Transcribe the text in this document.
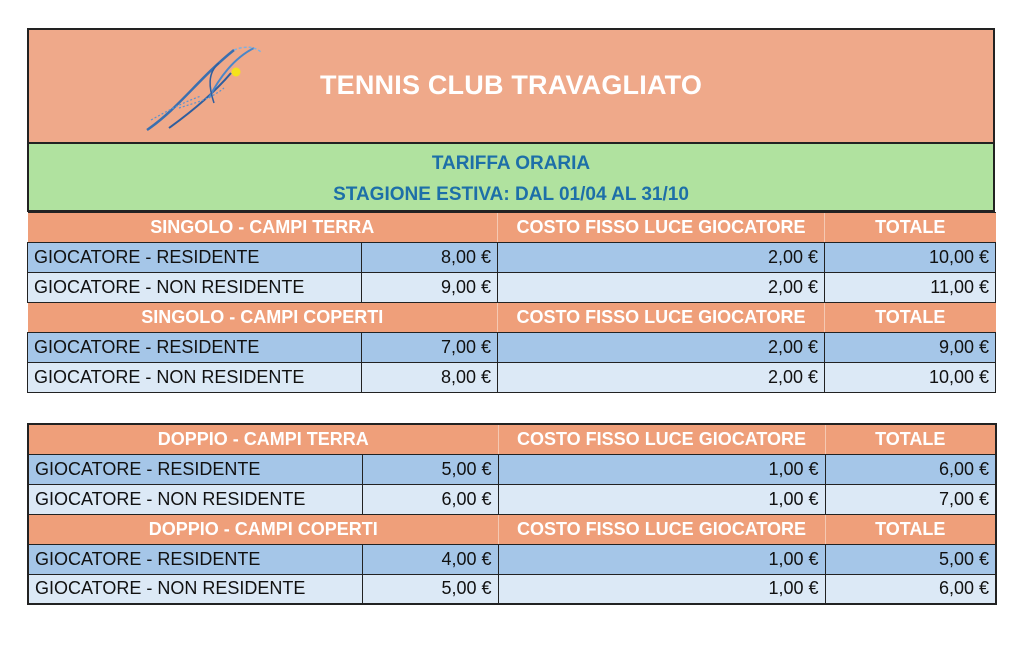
TENNIS CLUB TRAVAGLIATO
TARIFFA ORARIA
STAGIONE ESTIVA: DAL 01/04 AL 31/10
SINGOLO - CAMPI TERRA		COSTO FISSO LUCE GIOCATORE	TOTALE
GIOCATORE - RESIDENTE	8,00 €	2,00 €	10,00 €
GIOCATORE - NON RESIDENTE	9,00 €	2,00 €	11,00 €
SINGOLO - CAMPI COPERTI		COSTO FISSO LUCE GIOCATORE	TOTALE
GIOCATORE - RESIDENTE	7,00 €	2,00 €	9,00 €
GIOCATORE - NON RESIDENTE	8,00 €	2,00 €	10,00 €
DOPPIO - CAMPI TERRA		COSTO FISSO LUCE GIOCATORE	TOTALE
GIOCATORE - RESIDENTE	5,00 €	1,00 €	6,00 €
GIOCATORE - NON RESIDENTE	6,00 €	1,00 €	7,00 €
DOPPIO - CAMPI COPERTI		COSTO FISSO LUCE GIOCATORE	TOTALE
GIOCATORE - RESIDENTE	4,00 €	1,00 €	5,00 €
GIOCATORE - NON RESIDENTE	5,00 €	1,00 €	6,00 €
